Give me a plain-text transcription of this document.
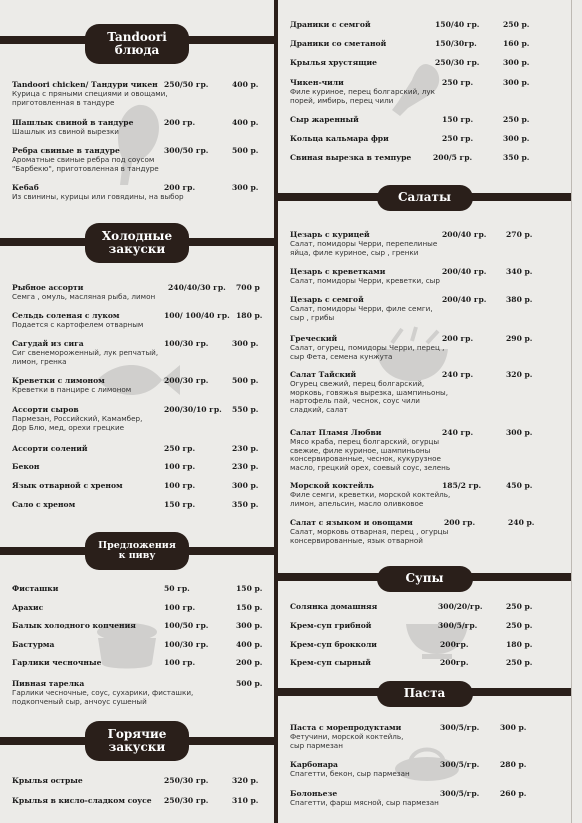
Tandoori
блюда
Tandoori chicken/ Тандури чикен 250/50 гр.	400 р.
Курица с пряными специями и овощами,
приготовленная в тандуре
Шашлык свиной в тандуре	200 гр.	400 р.
Шашлык из свиной вырезки
Ребра свиные в тандуре	300/50 гр.	500 р.
Ароматные свиные ребра под соусом
"Барбекю", приготовленная в тандуре
Кебаб	200 гр.	300 р.
Из свинины, курицы или говядины, на выбор
Холодные
закуски
Рыбное ассорти	240/40/30 гр. 700 р
Семга , омуль, масляная рыба, лимон
Сельдь соленая с луком	100/ 100/40 гр. 180 р.
Подается с картофелем отварным
Сагудай из сига	100/30 гр.	300 р.
Сиг свенемороженный, лук репчатый,
лимон, гренка
Креветки с лимоном	200/30 гр.	500 р.
Креветки в панцире с лимоном
Ассорти сыров	200/30/10 гр. 550 р.
Пармезан, Российский, Камамбер,
Дор Блю, мед, орехи грецкие
Ассорти солений	250 гр.	230 р.
Бекон	100 гр.	230 р.
Язык отварной с хреном	100 гр.	300 р.
Сало с хреном	150 гр.	350 р.
Предложения
к пиву
Фисташки	50 гр.	150 р.
Арахис	100 гр.	150 р.
Балык холодного копчения	100/50 гр.	300 р.
Бастурма	100/30 гр.	400 р.
Гарлики чесночные	100 гр.	200 р.
Пивная тарелка	500 р.
Гарлики чесночные, соус, сухарики, фисташки,
подкопченый сыр, анчоус сушеный
Горячие
закуски
Крылья острые	250/30 гр.	320 р.
Крылья в кисло-сладком соусе 250/30 гр.	310 р.
Драники с семгой	150/40 гр.	250 р.
Драники со сметаной	150/30гр.	160 р.
Крылья хрустящие	250/30 гр.	300 р.
Чикен-чили	250 гр.	300 р.
Филе куриное, перец болгарский, лук
порей, имбирь, перец чили
Сыр жаренный	150 гр.	250 р.
Кольца кальмара фри	250 гр.	300 р.
Свиная вырезка в темпуре	200/5 гр.	350 р.
Салаты
Цезарь с курицей	200/40 гр.	270 р.
Салат, помидоры Черри, перепелиные
яйца, филе куриное, сыр , гренки
Цезарь с креветками	200/40 гр.	340 р.
Салат, помидоры Черри, креветки, сыр
Цезарь с семгой	200/40 гр.	380 р.
Салат, помидоры Черри, филе семги,
сыр , грибы
Греческий	200 гр.	290 р.
Салат, огурец, помидоры Черри, перец ,
сыр Фета, семена кунжута
Салат Тайский	240 гр.	320 р.
Огурец свежий, перец болгарский,
морковь, говяжья вырезка, шампиньоны,
нартофель пай, чеснок, соус чили
сладкий, салат
Салат Пламя Любви	240 гр.	300 р.
Мясо краба, перец болгарский, огурцы
свежие, филе куриное, шампиньоны
консервированные, чеснок, кукурузное
масло, грецкий орех, соевый соус, зелень
Морской коктейль	185/2 гр.	450 р.
Филе семги, креветки, морской коктейль,
лимон, апельсин, масло оливковое
Салат с языком и овощами	200 гр.	240 р.
Салат, морковь отварная, перец , огурцы
консервированные, язык отварной
Супы
Солянка домашняя	300/20/гр.	250 р.
Крем-суп грибной	300/5/гр.	250 р.
Крем-суп брокколи	200гр.	180 р.
Крем-суп сырный	200гр.	250 р.
Паста
Паста с морепродуктами	300/5/гр.	300 р.
Фетучини, морской коктейль,
сыр пармезан
Карбонара	300/5/гр.	280 р.
Спагетти, бекон, сыр пармезан
Болоньезе	300/5/гр.	260 р.
Спагетти, фарш мясной, сыр пармезан
